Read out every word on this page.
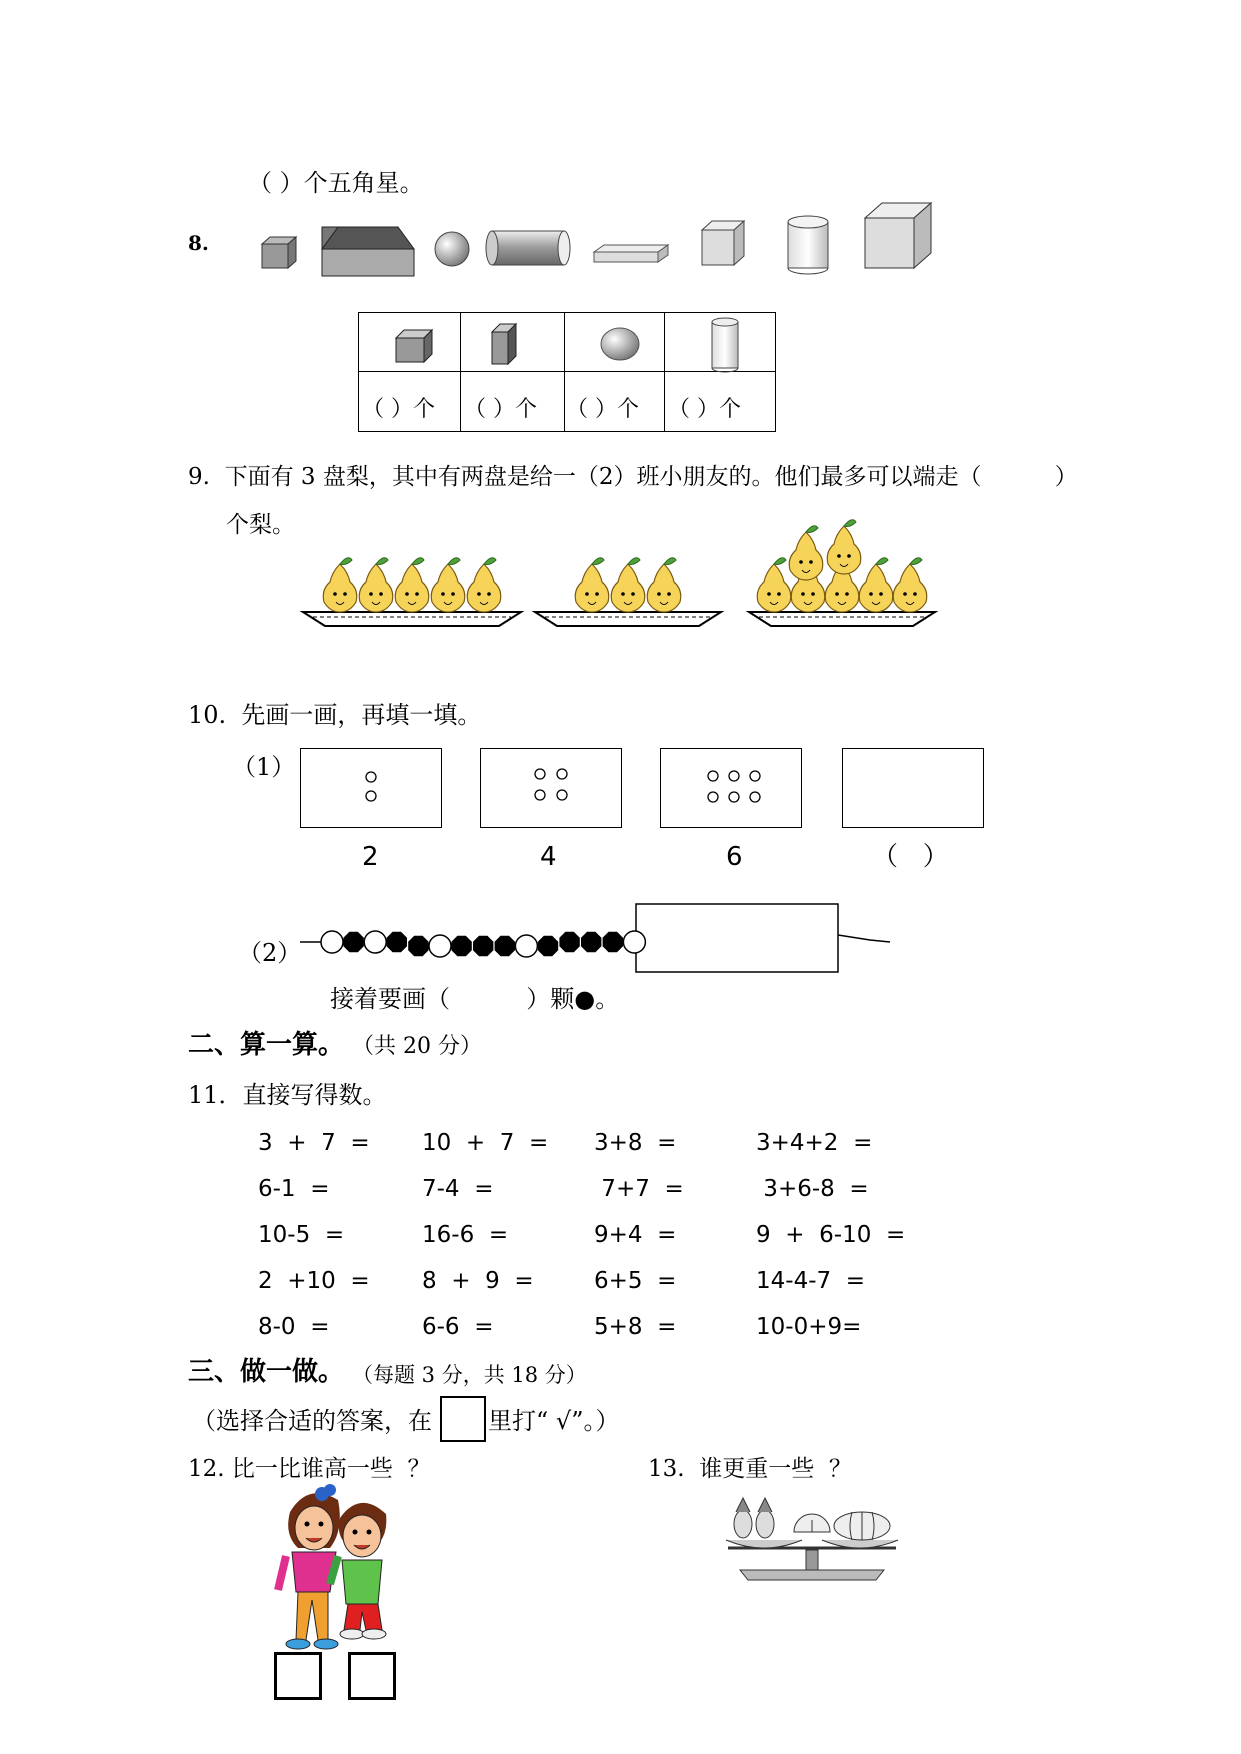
（ ）个五角星。
8.
（ ）个 （ ）个 （ ）个 （ ）个
9.  下面有 3 盘梨，其中有两盘是给一（2）班小朋友的。他们最多可以端走（          ）
个梨。
10.  先画一画，再填一填。
（1）
2	4	6	（   ）
（2）
接着要画（          ）颗●。
二、算一算。 （共 20 分）
11．直接写得数。
3  +  7  = 10  +  7  = 3+8  =	3+4+2  =
6-1  =	7-4  =	7+7  =	3+6-8  =
10-5  =	16-6  =	9+4  =	9  +  6-10  =
2  +10  = 8  +  9  =	6+5  =	14-4-7  =
8-0  =	6-6  =	5+8  =	10-0+9=
三、做一做。 （每题 3 分，共 18 分）
（选择合适的答案，在 里打“ √”。）
12. 比一比谁高一些  ？	13.  谁更重一些  ？
